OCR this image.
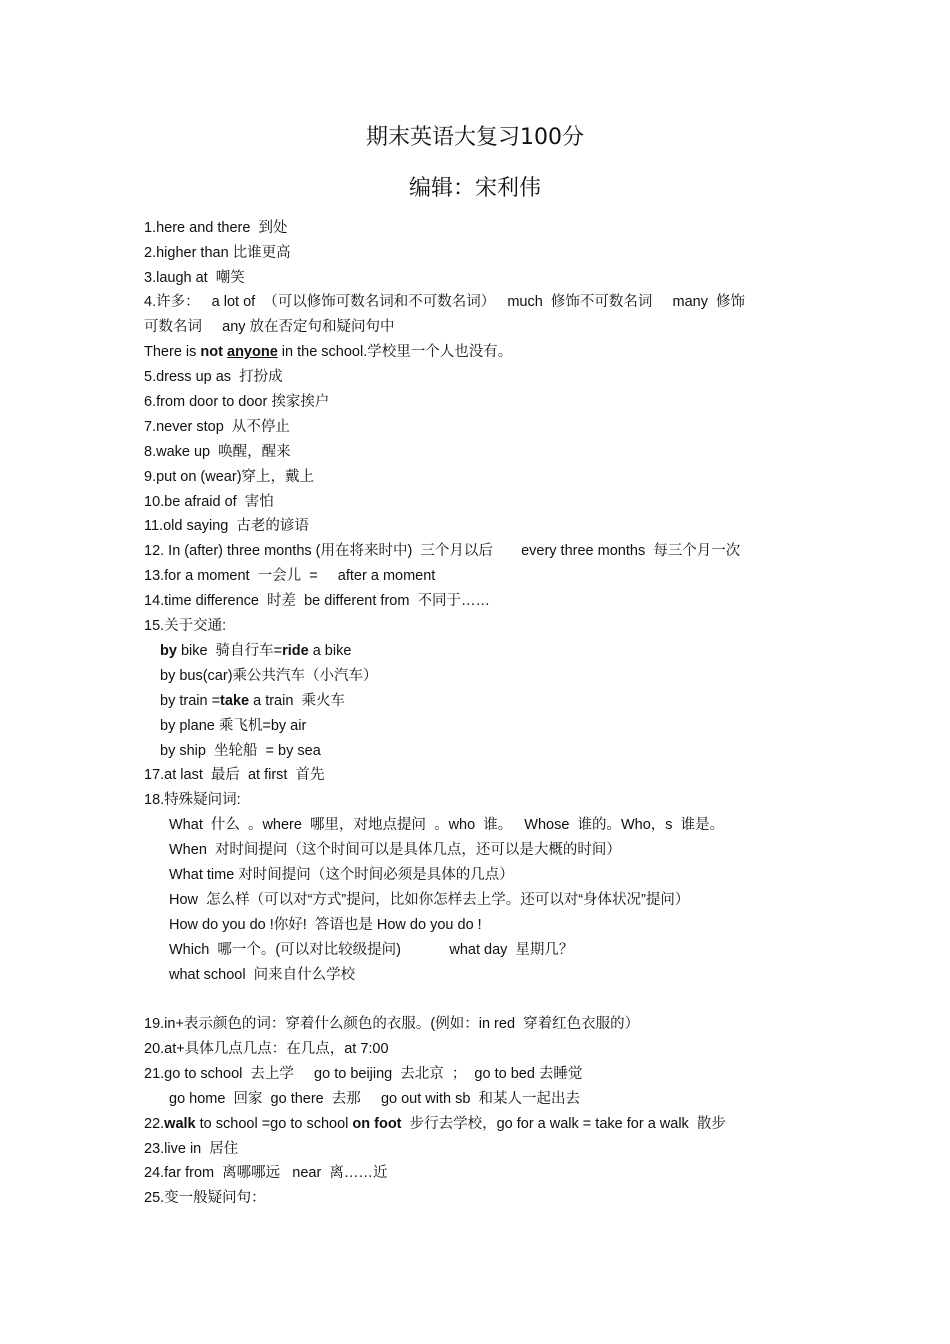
期末英语大复习100分
编辑：宋利伟
1.here and there  到处
2.higher than 比谁更高
3.laugh at  嘲笑
4.许多：   a lot of  （可以修饰可数名词和不可数名词）   much  修饰不可数名词     many  修饰
可数名词     any 放在否定句和疑问句中
There is not anyone in the school.学校里一个人也没有。
5.dress up as  打扮成
6.from door to door 挨家挨户
7.never stop  从不停止
8.wake up  唤醒，醒来
9.put on (wear)穿上，戴上
10.be afraid of  害怕
11.old saying  古老的谚语
12. In (after) three months (用在将来时中)  三个月以后       every three months  每三个月一次
13.for a moment  一会儿  =     after a moment
14.time difference  时差  be different from  不同于……
15.关于交通:
by bike  骑自行车=ride a bike
by bus(car)乘公共汽车（小汽车）
by train =take a train  乘火车
by plane 乘飞机=by air
by ship  坐轮船  = by sea
17.at last  最后  at first  首先
18.特殊疑问词:
What  什么  。where  哪里，对地点提问  。who  谁。   Whose  谁的。Who，s  谁是。
When  对时间提问（这个时间可以是具体几点，还可以是大概的时间）
What time 对时间提问（这个时间必须是具体的几点）
How  怎么样（可以对“方式”提问，比如你怎样去上学。还可以对“身体状况”提问）
How do you do !你好!  答语也是 How do you do !
Which  哪一个。(可以对比较级提问)            what day  星期几？
what school  问来自什么学校
19.in+表示颜色的词：穿着什么颜色的衣服。(例如：in red  穿着红色衣服的）
20.at+具体几点几点：在几点，at 7:00
21.go to school  去上学     go to beijing  去北京  ；  go to bed 去睡觉
go home  回家  go there  去那     go out with sb  和某人一起出去
22.walk to school =go to school on foot  步行去学校，go for a walk = take for a walk  散步
23.live in  居住
24.far from  离哪哪远   near  离……近
25.变一般疑问句：
